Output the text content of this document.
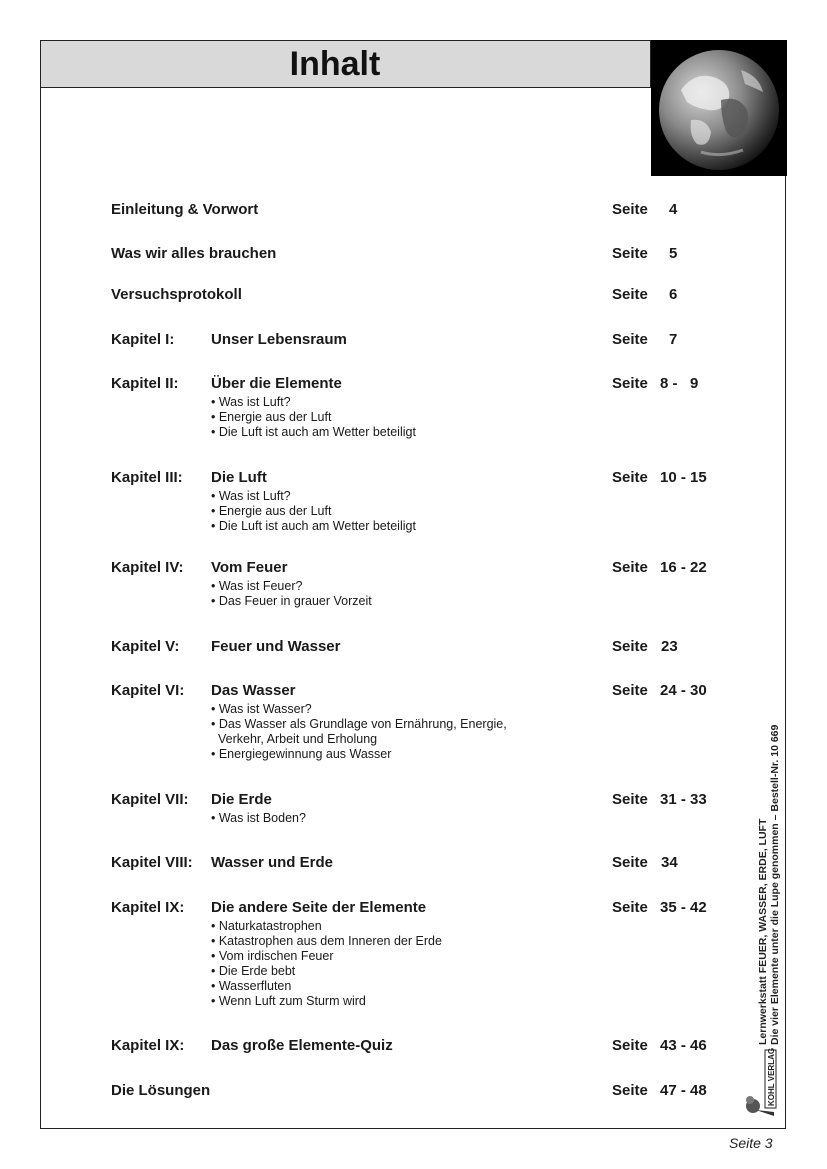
Inhalt
Einleitung & Vorwort	Seite 4
Was wir alles brauchen	Seite 5
Versuchsprotokoll	Seite 6
Kapitel I: Unser Lebensraum	Seite 7
Kapitel II: Über die Elemente	Seite 8 -   9
• Was ist Luft?
• Energie aus der Luft
• Die Luft ist auch am Wetter beteiligt
Kapitel III: Die Luft	Seite 10 - 15
• Was ist Luft?
• Energie aus der Luft
• Die Luft ist auch am Wetter beteiligt
Kapitel IV: Vom Feuer	Seite 16 - 22
• Was ist Feuer?
• Das Feuer in grauer Vorzeit
Kapitel V: Feuer und Wasser	Seite 23
Kapitel VI: Das Wasser	Seite 24 - 30
• Was ist Wasser?
• Das Wasser als Grundlage von Ernährung, Energie,
Verkehr, Arbeit und Erholung
• Energiegewinnung aus Wasser
Kapitel VII: Die Erde	Seite 31 - 33
• Was ist Boden?
Kapitel VIII: Wasser und Erde	Seite 34
Kapitel IX: Die andere Seite der Elemente	Seite 35 - 42
• Naturkatastrophen
• Katastrophen aus dem Inneren der Erde
• Vom irdischen Feuer
• Die Erde bebt
• Wasserfluten
• Wenn Luft zum Sturm wird
Kapitel IX: Das große Elemente-Quiz	Seite 43 - 46
Die Lösungen	Seite 47 - 48
Lernwerkstatt FEUER, WASSER, ERDE, LUFT Die vier Elemente unter die Lupe genommen – Bestell-Nr. 10 669
KOHL VERLAG
Seite 3
